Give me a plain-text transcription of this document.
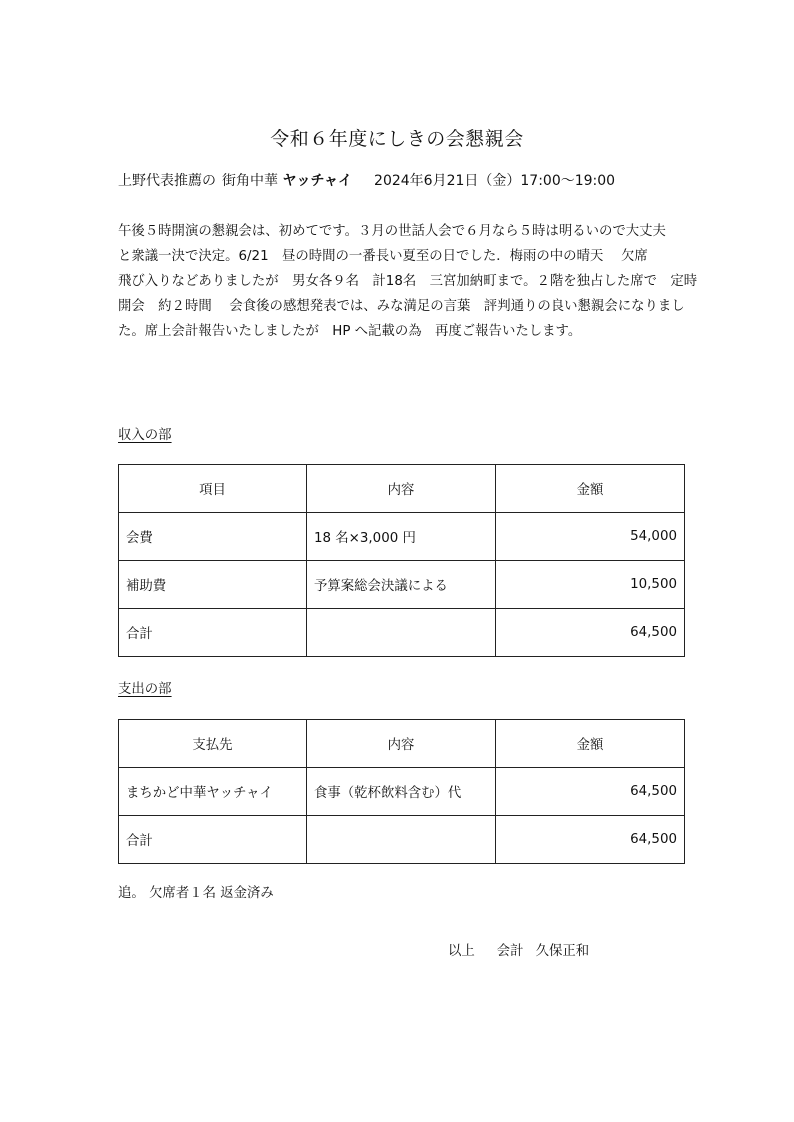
令和６年度にしきの会懇親会
上野代表推薦の 街角中華 ヤッチャイ 2024年6月21日（金）17:00～19:00
午後５時開演の懇親会は、初めてです。３月の世話人会で６月なら５時は明るいので大丈夫
と衆議一決で決定。6/21　昼の時間の一番長い夏至の日でした．梅雨の中の晴天　 欠席
飛び入りなどありましたが　男女各９名　計18名　三宮加納町まで。２階を独占した席で　定時
開会　約２時間　 会食後の感想発表では、みな満足の言葉　評判通りの良い懇親会になりまし
た。席上会計報告いたしましたが　HP へ記載の為　再度ご報告いたします。
収入の部
項目	内容	金額
会費	18 名×3,000 円	54,000
補助費	予算案総会決議による	10,500
合計		64,500
支出の部
支払先	内容	金額
まちかど中華ヤッチャイ	食事（乾杯飲料含む）代	64,500
合計		64,500
追。 欠席者１名 返金済み
以上 会計 久保正和
